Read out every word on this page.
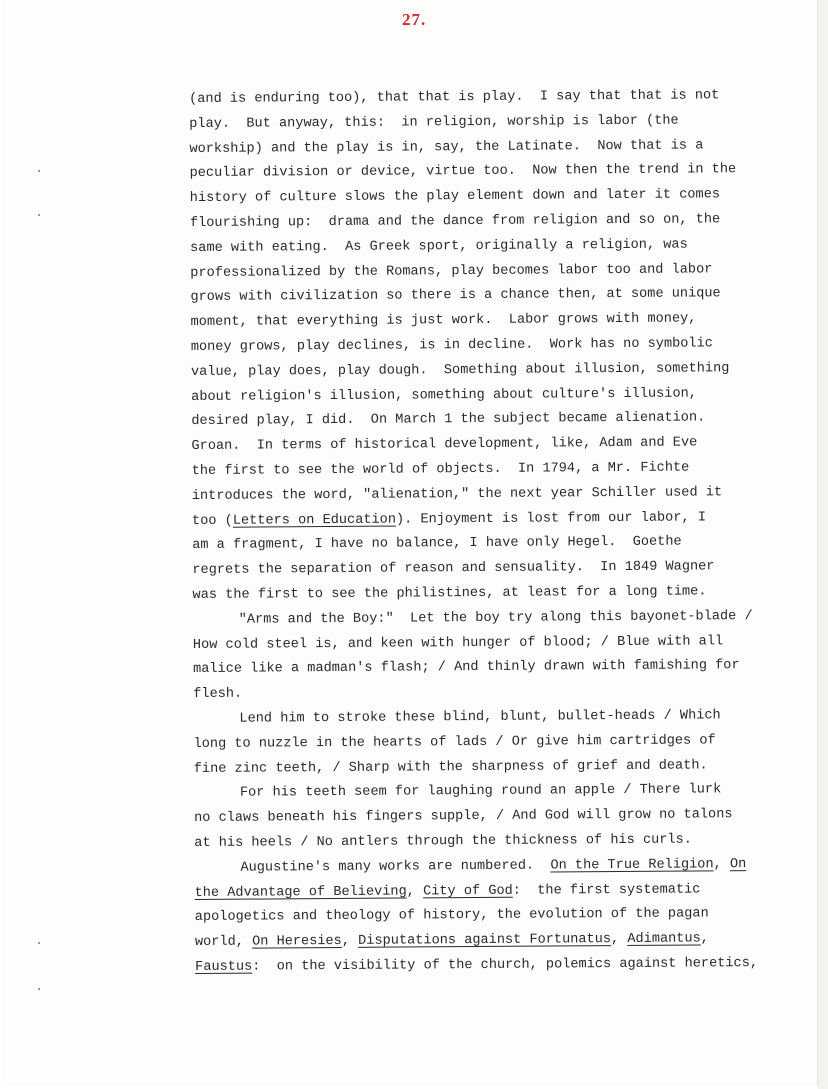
27.
(and is enduring too), that that is play.  I say that that is not
play.  But anyway, this:  in religion, worship is labor (the
workship) and the play is in, say, the Latinate.  Now that is a
peculiar division or device, virtue too.  Now then the trend in the
history of culture slows the play element down and later it comes
flourishing up:  drama and the dance from religion and so on, the
same with eating.  As Greek sport, originally a religion, was
professionalized by the Romans, play becomes labor too and labor
grows with civilization so there is a chance then, at some unique
moment, that everything is just work.  Labor grows with money,
money grows, play declines, is in decline.  Work has no symbolic
value, play does, play dough.  Something about illusion, something
about religion's illusion, something about culture's illusion,
desired play, I did.  On March 1 the subject became alienation.
Groan.  In terms of historical development, like, Adam and Eve
the first to see the world of objects.  In 1794, a Mr. Fichte
introduces the word, "alienation," the next year Schiller used it
too (Letters on Education). Enjoyment is lost from our labor, I
am a fragment, I have no balance, I have only Hegel.  Goethe
regrets the separation of reason and sensuality.  In 1849 Wagner
was the first to see the philistines, at least for a long time.
"Arms and the Boy:"  Let the boy try along this bayonet-blade /
How cold steel is, and keen with hunger of blood; / Blue with all
malice like a madman's flash; / And thinly drawn with famishing for
flesh.
Lend him to stroke these blind, blunt, bullet-heads / Which
long to nuzzle in the hearts of lads / Or give him cartridges of
fine zinc teeth, / Sharp with the sharpness of grief and death.
For his teeth seem for laughing round an apple / There lurk
no claws beneath his fingers supple, / And God will grow no talons
at his heels / No antlers through the thickness of his curls.
Augustine's many works are numbered.  On the True Religion, On
the Advantage of Believing, City of God:  the first systematic
apologetics and theology of history, the evolution of the pagan
world, On Heresies, Disputations against Fortunatus, Adimantus,
Faustus:  on the visibility of the church, polemics against heretics,
